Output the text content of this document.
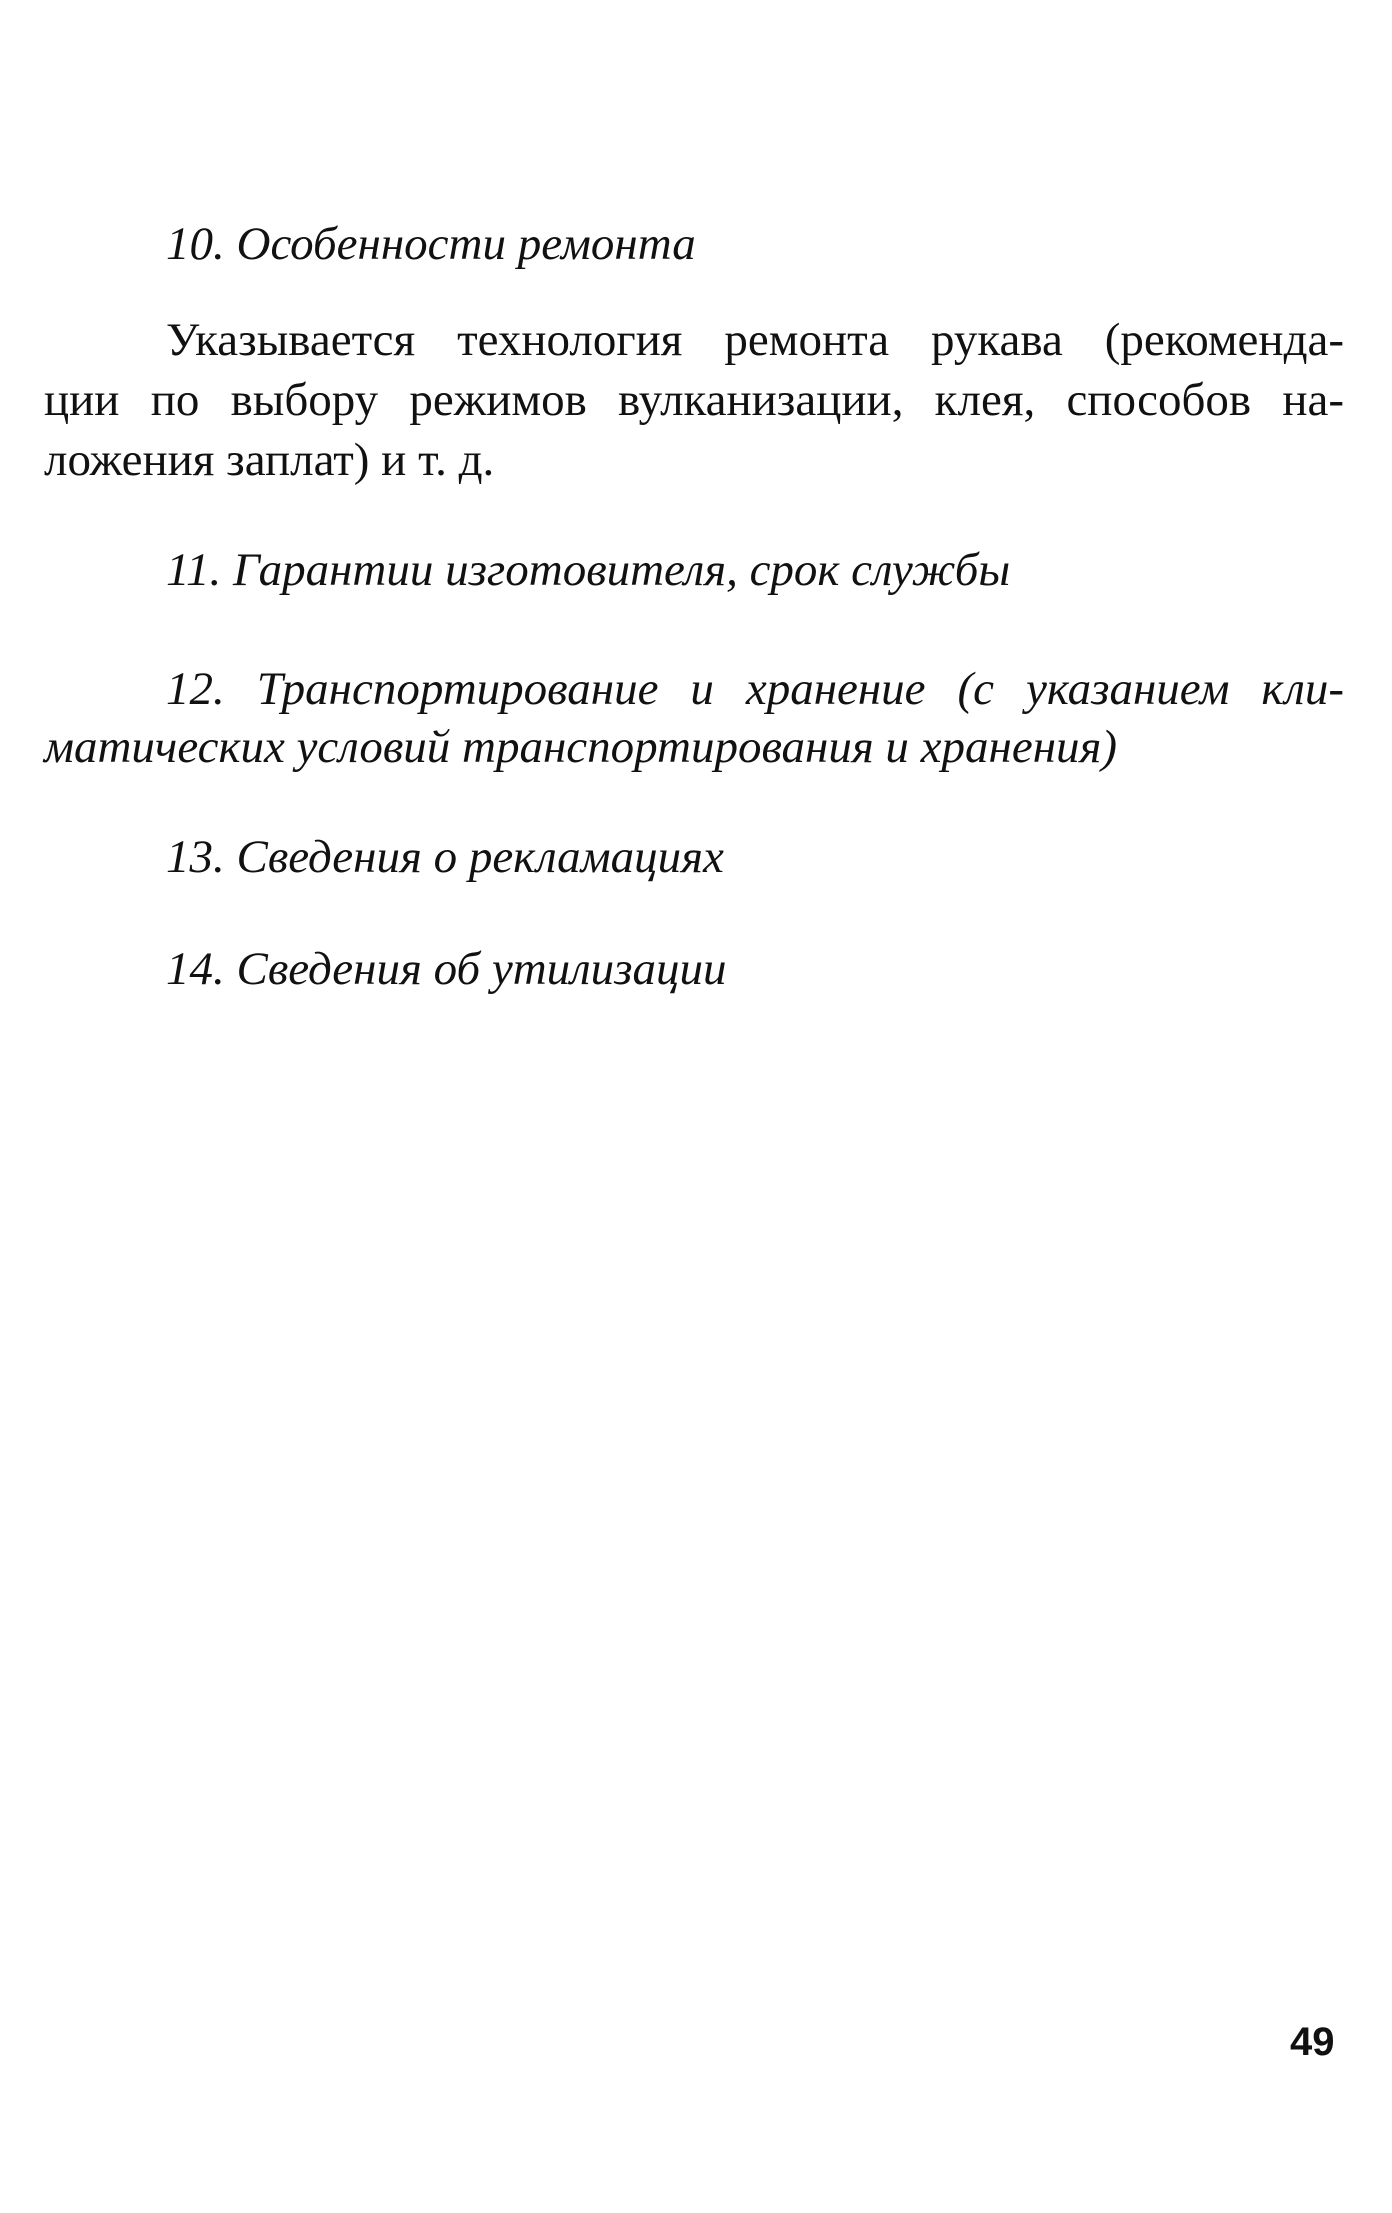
10. Особенности ремонта
Указывается технология ремонта рукава (рекоменда-
ции по выбору режимов вулканизации, клея, способов на-
ложения заплат) и т. д.
11. Гарантии изготовителя, срок службы
12. Транспортирование и хранение (с указанием кли-
матических условий транспортирования и хранения)
13. Сведения о рекламациях
14. Сведения об утилизации
49
